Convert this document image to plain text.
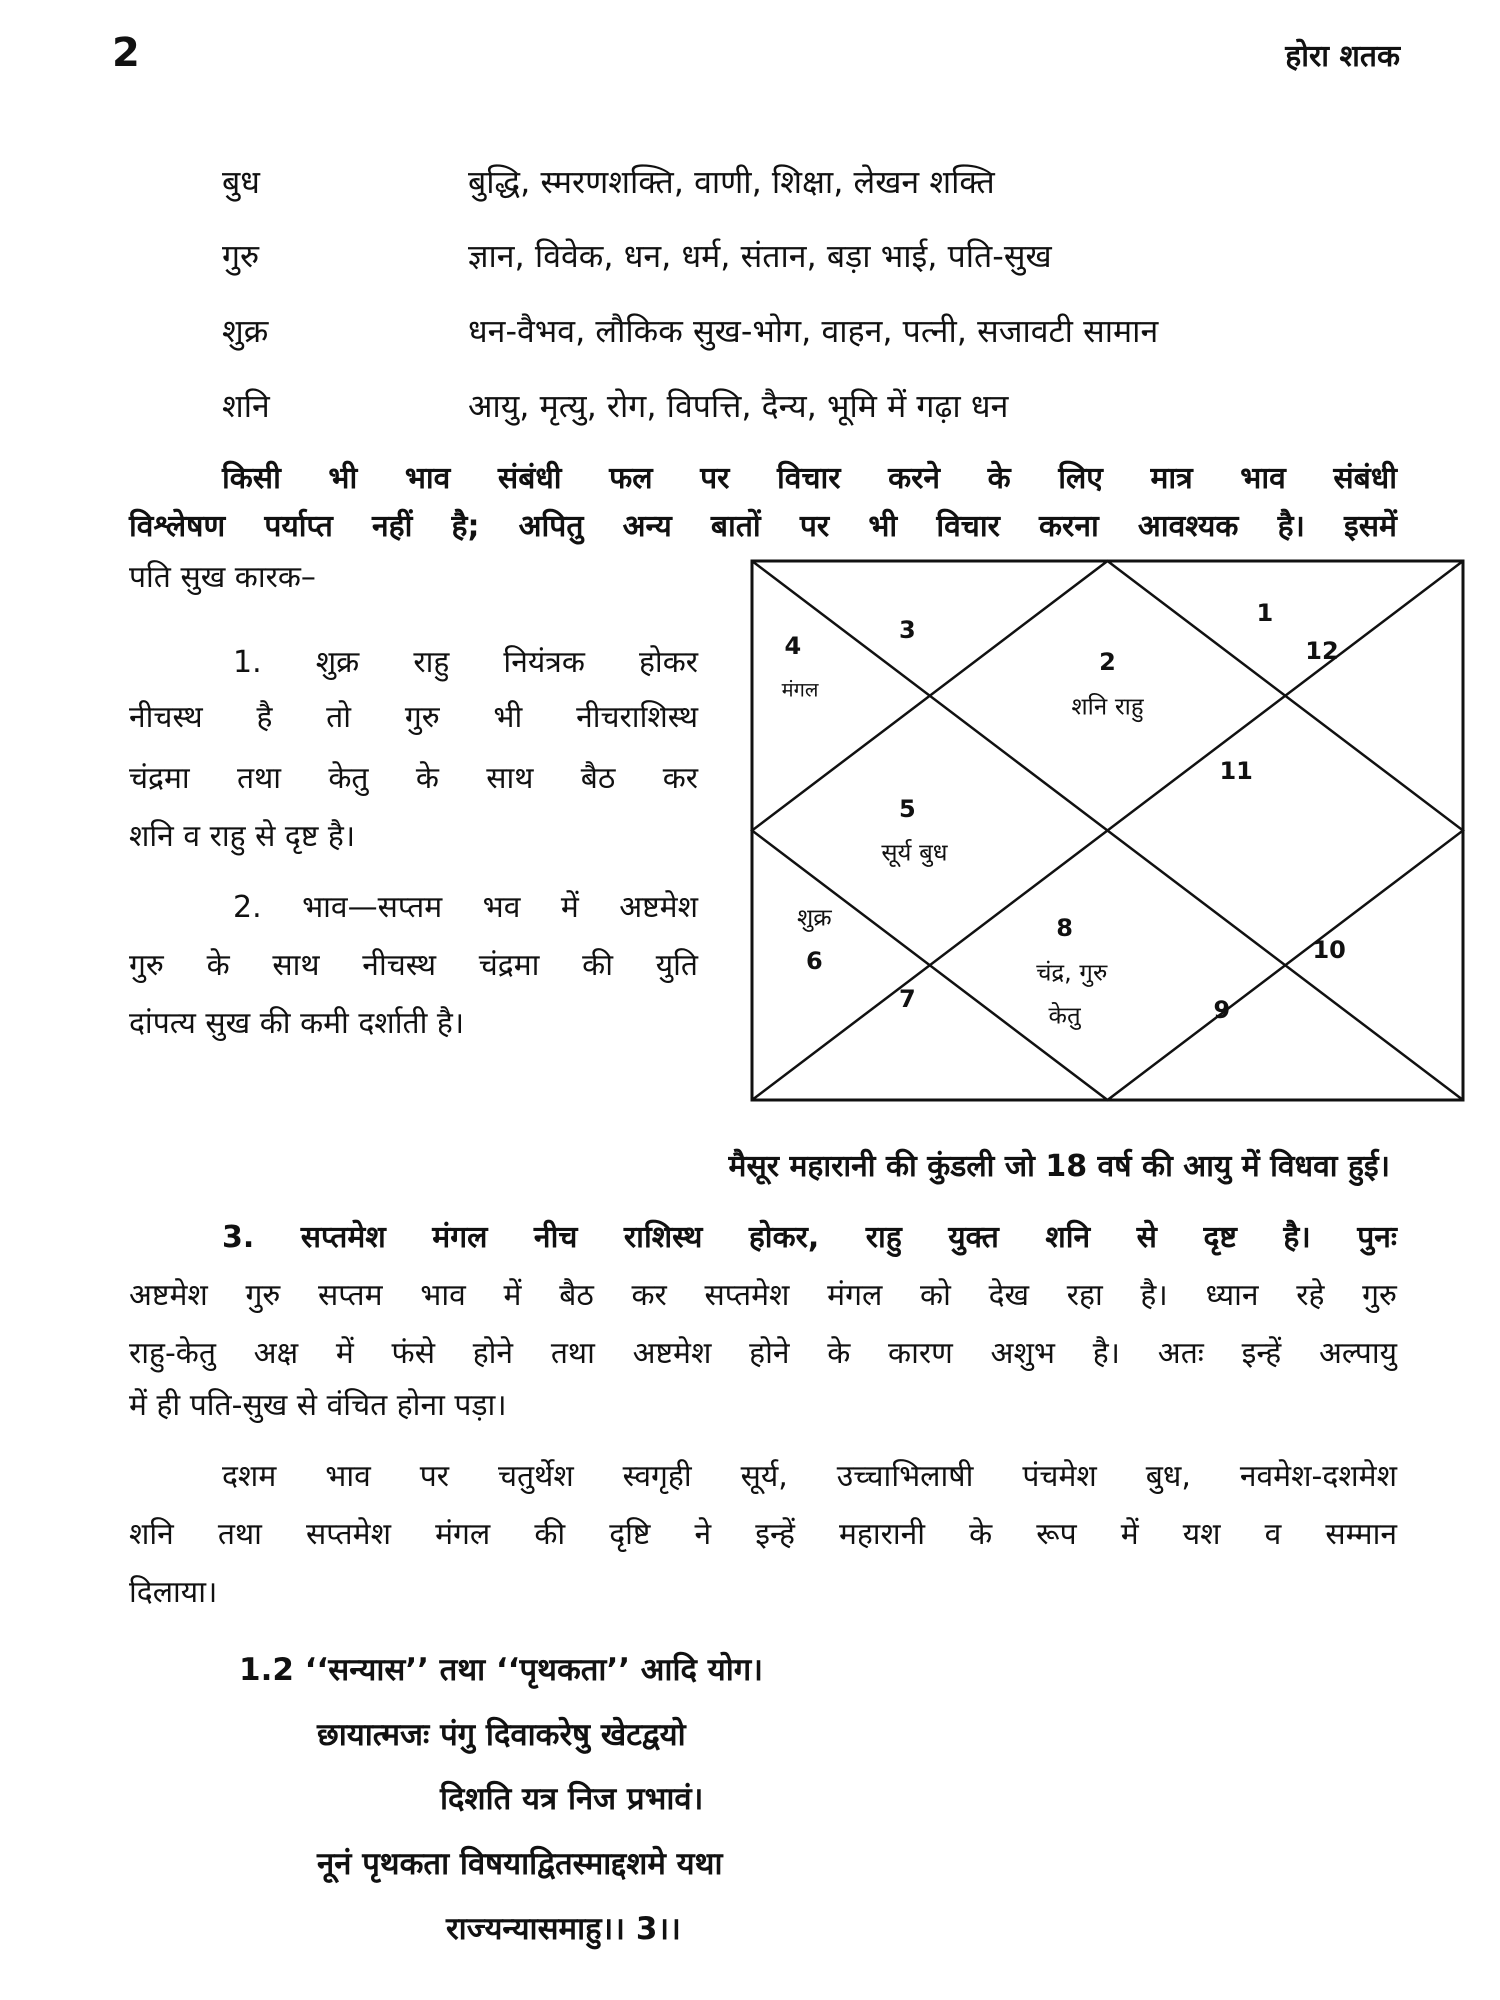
2	होरा शतक
बुध	बुद्धि, स्मरणशक्ति, वाणी, शिक्षा, लेखन शक्ति
गुरु	ज्ञान, विवेक, धन, धर्म, संतान, बड़ा भाई, पति-सुख
शुक्र	धन-वैभव, लौकिक सुख-भोग, वाहन, पत्नी, सजावटी सामान
शनि	आयु, मृत्यु, रोग, विपत्ति, दैन्य, भूमि में गढ़ा धन
किसी भी भाव संबंधी फल पर विचार करने के लिए मात्र भाव संबंधी
विश्लेषण पर्याप्त नहीं है; अपितु अन्य बातों पर भी विचार करना आवश्यक है। इसमें
पति सुख कारक–
1. शुक्र राहु नियंत्रक होकर
नीचस्थ है तो गुरु भी नीचराशिस्थ
चंद्रमा तथा केतु के साथ बैठ कर
शनि व राहु से दृष्ट है।
2. भाव—सप्तम भव में अष्टमेश
गुरु के साथ नीचस्थ चंद्रमा की युति
दांपत्य सुख की कमी दर्शाती है।
1
2
शनि राहु
3
4
मंगल
5
सूर्य बुध
शुक्र
6
7
8
चंद्र, गुरु
केतु	9
10
11
12
मैसूर महारानी की कुंडली जो 18 वर्ष की आयु में विधवा हुई।
3. सप्तमेश मंगल नीच राशिस्थ होकर, राहु युक्त शनि से दृष्ट है। पुनः
अष्टमेश गुरु सप्तम भाव में बैठ कर सप्तमेश मंगल को देख रहा है। ध्यान रहे गुरु
राहु-केतु अक्ष में फंसे होने तथा अष्टमेश होने के कारण अशुभ है। अतः इन्हें अल्पायु
में ही पति-सुख से वंचित होना पड़ा।
दशम भाव पर चतुर्थेश स्वगृही सूर्य, उच्चाभिलाषी पंचमेश बुध, नवमेश-दशमेश
शनि तथा सप्तमेश मंगल की दृष्टि ने इन्हें महारानी के रूप में यश व सम्मान
दिलाया।
1.2 ‘‘सन्यास’’ तथा ‘‘पृथकता’’ आदि योग।
छायात्मजः पंगु दिवाकरेषु खेटद्वयो
दिशति यत्र निज प्रभावं।
नूनं पृथकता विषयाद्वितस्माद्दशमे यथा
राज्यन्यासमाहु।। 3।।
